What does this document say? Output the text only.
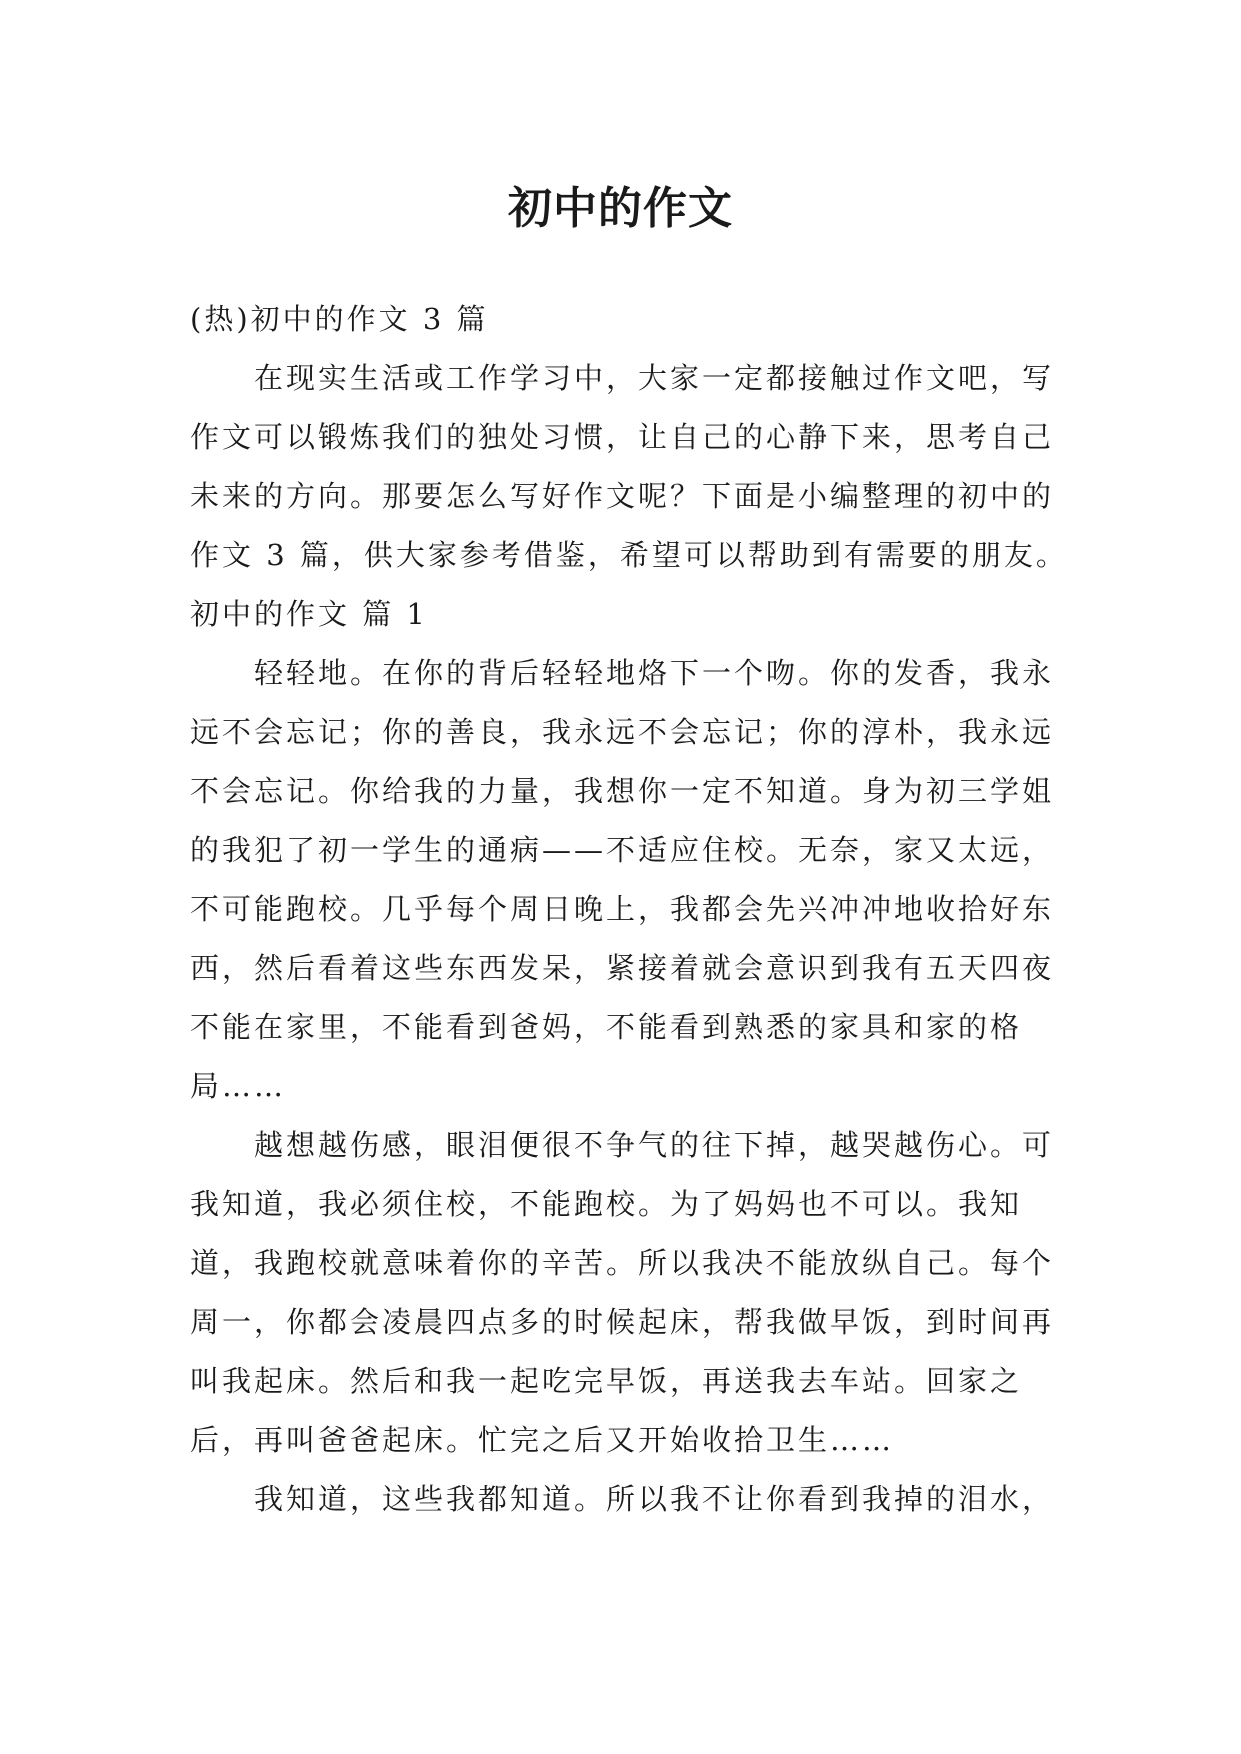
初中的作文

(热)初中的作文 3 篇

在现实生活或工作学习中，大家一定都接触过作文吧，写作文可以锻炼我们的独处习惯，让自己的心静下来，思考自己未来的方向。那要怎么写好作文呢？下面是小编整理的初中的作文 3 篇，供大家参考借鉴，希望可以帮助到有需要的朋友。

初中的作文 篇 1

轻轻地。在你的背后轻轻地烙下一个吻。你的发香，我永远不会忘记；你的善良，我永远不会忘记；你的淳朴，我永远不会忘记。你给我的力量，我想你一定不知道。身为初三学姐的我犯了初一学生的通病——不适应住校。无奈，家又太远，不可能跑校。几乎每个周日晚上，我都会先兴冲冲地收拾好东西，然后看着这些东西发呆，紧接着就会意识到我有五天四夜不能在家里，不能看到爸妈，不能看到熟悉的家具和家的格局……

越想越伤感，眼泪便很不争气的往下掉，越哭越伤心。可我知道，我必须住校，不能跑校。为了妈妈也不可以。我知道，我跑校就意味着你的辛苦。所以我决不能放纵自己。每个周一，你都会凌晨四点多的时候起床，帮我做早饭，到时间再叫我起床。然后和我一起吃完早饭，再送我去车站。回家之后，再叫爸爸起床。忙完之后又开始收拾卫生……

我知道，这些我都知道。所以我不让你看到我掉的泪水，
